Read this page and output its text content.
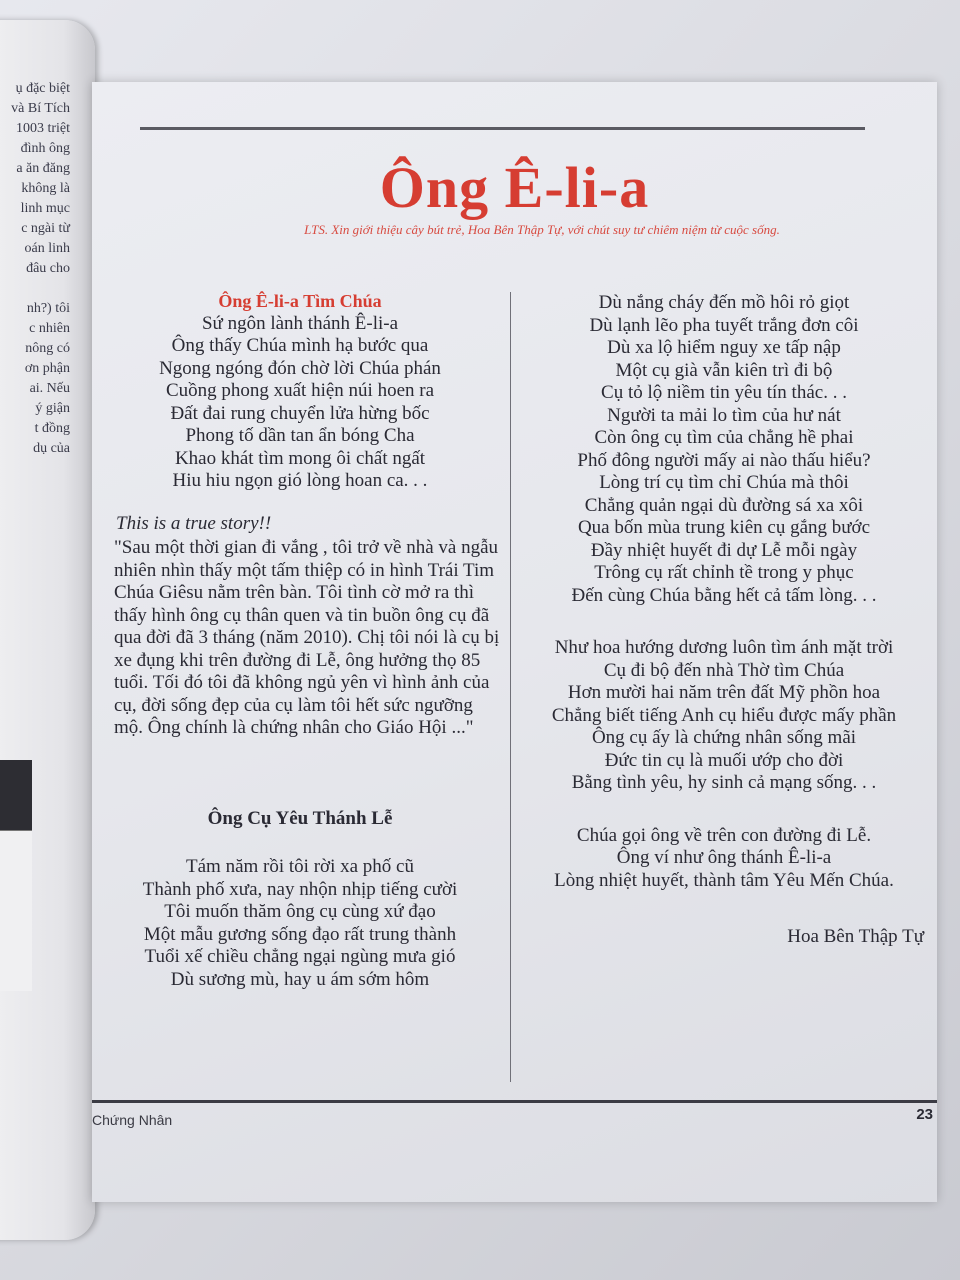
ụ đặc biệt
và Bí Tích
1003 triệt
đình ông
a ăn đăng
không là
linh mục
c ngài từ
oán linh
đâu cho
nh?) tôi
c nhiên
nông có
ơn phận
ai. Nếu
ý giận
t đồng
dụ của
Ông Ê-li-a

LTS. Xin giới thiệu cây bút trẻ, Hoa Bên Thập Tự, với chút suy tư chiêm niệm từ cuộc sống.

Ông Ê-li-a Tìm Chúa

Sứ ngôn lành thánh Ê-li-a
Ông thấy Chúa mình hạ bước qua
Ngong ngóng đón chờ lời Chúa phán
Cuồng phong xuất hiện núi hoen ra
Đất đai rung chuyển lửa hừng bốc
Phong tố dần tan ẩn bóng Cha
Khao khát tìm mong ôi chất ngất
Hiu hiu ngọn gió lòng hoan ca. . .

This is a true story!!

"Sau một thời gian đi vắng , tôi trở về nhà và ngẫu nhiên nhìn thấy một tấm thiệp có in hình Trái Tim Chúa Giêsu nằm trên bàn. Tôi tình cờ mở ra thì thấy hình ông cụ thân quen và tin buồn ông cụ đã qua đời đã 3 tháng (năm 2010). Chị tôi nói là cụ bị xe đụng khi trên đường đi Lễ, ông hưởng thọ 85 tuổi. Tối đó tôi đã không ngủ yên vì hình ảnh của cụ, đời sống đẹp của cụ làm tôi hết sức ngưỡng mộ. Ông chính là chứng nhân cho Giáo Hội ..."

Ông Cụ Yêu Thánh Lễ

Tám năm rồi tôi rời xa phố cũ
Thành phố xưa, nay nhộn nhịp tiếng cười
Tôi muốn thăm ông cụ cùng xứ đạo
Một mẫu gương sống đạo rất trung thành
Tuổi xế chiều chẳng ngại ngùng mưa gió
Dù sương mù, hay u ám sớm hôm
Dù nắng cháy đến mồ hôi rỏ giọt
Dù lạnh lẽo pha tuyết trắng đơn côi
Dù xa lộ hiểm nguy xe tấp nập
Một cụ già vẫn kiên trì đi bộ
Cụ tỏ lộ niềm tin yêu tín thác. . .
Người ta mải lo tìm của hư nát
Còn ông cụ tìm của chẳng hề phai
Phố đông người mấy ai nào thấu hiểu?
Lòng trí cụ tìm chỉ Chúa mà thôi
Chẳng quản ngại dù đường sá xa xôi
Qua bốn mùa trung kiên cụ gắng bước
Đầy nhiệt huyết đi dự Lễ mỗi ngày
Trông cụ rất chỉnh tề trong y phục
Đến cùng Chúa bằng hết cả tấm lòng. . .
Như hoa hướng dương luôn tìm ánh mặt trời
Cụ đi bộ đến nhà Thờ tìm Chúa
Hơn mười hai năm trên đất Mỹ phồn hoa
Chẳng biết tiếng Anh cụ hiểu được mấy phần
Ông cụ ấy là chứng nhân sống mãi
Đức tin cụ là muối ướp cho đời
Bằng tình yêu, hy sinh cả mạng sống. . .
Chúa gọi ông về trên con đường đi Lễ.
Ông ví như ông thánh Ê-li-a
Lòng nhiệt huyết, thành tâm Yêu Mến Chúa.

Hoa Bên Thập Tự

Chứng Nhân	23
